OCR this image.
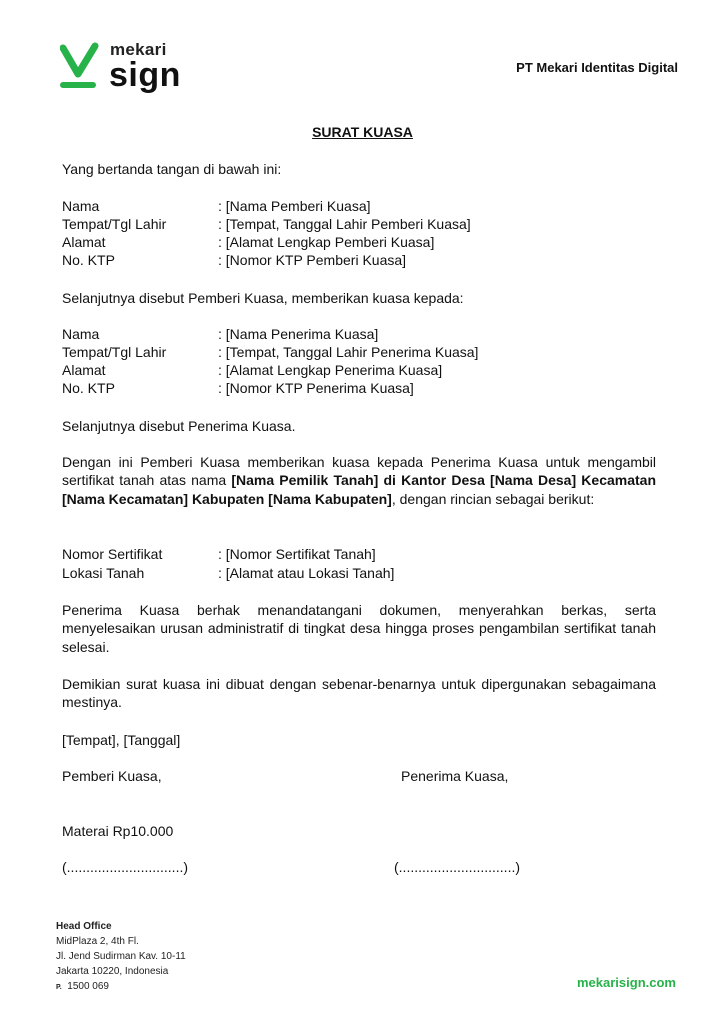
mekari
sign	PT Mekari Identitas Digital
SURAT KUASA

Yang bertanda tangan di bawah ini:

Nama	: [Nama Pemberi Kuasa]
Tempat/Tgl Lahir	: [Tempat, Tanggal Lahir Pemberi Kuasa]
Alamat	: [Alamat Lengkap Pemberi Kuasa]
No. KTP	: [Nomor KTP Pemberi Kuasa]

Selanjutnya disebut Pemberi Kuasa, memberikan kuasa kepada:

Nama	: [Nama Penerima Kuasa]
Tempat/Tgl Lahir	: [Tempat, Tanggal Lahir Penerima Kuasa]
Alamat	: [Alamat Lengkap Penerima Kuasa]
No. KTP	: [Nomor KTP Penerima Kuasa]

Selanjutnya disebut Penerima Kuasa.

Dengan ini Pemberi Kuasa memberikan kuasa kepada Penerima Kuasa untuk mengambil sertifikat tanah atas nama [Nama Pemilik Tanah] di Kantor Desa [Nama Desa] Kecamatan [Nama Kecamatan] Kabupaten [Nama Kabupaten], dengan rincian sebagai berikut:

Nomor Sertifikat	: [Nomor Sertifikat Tanah]
Lokasi Tanah	: [Alamat atau Lokasi Tanah]

Penerima Kuasa berhak menandatangani dokumen, menyerahkan berkas, serta menyelesaikan urusan administratif di tingkat desa hingga proses pengambilan sertifikat tanah selesai.

Demikian surat kuasa ini dibuat dengan sebenar-benarnya untuk dipergunakan sebagaimana mestinya.

[Tempat], [Tanggal]

Pemberi Kuasa,	Penerima Kuasa,

Materai Rp10.000

(..............................)	(..............................)

Head Office
MidPlaza 2, 4th Fl.
Jl. Jend Sudirman Kav. 10-11
Jakarta 10220, Indonesia
P. 1500 069	mekarisign.com
